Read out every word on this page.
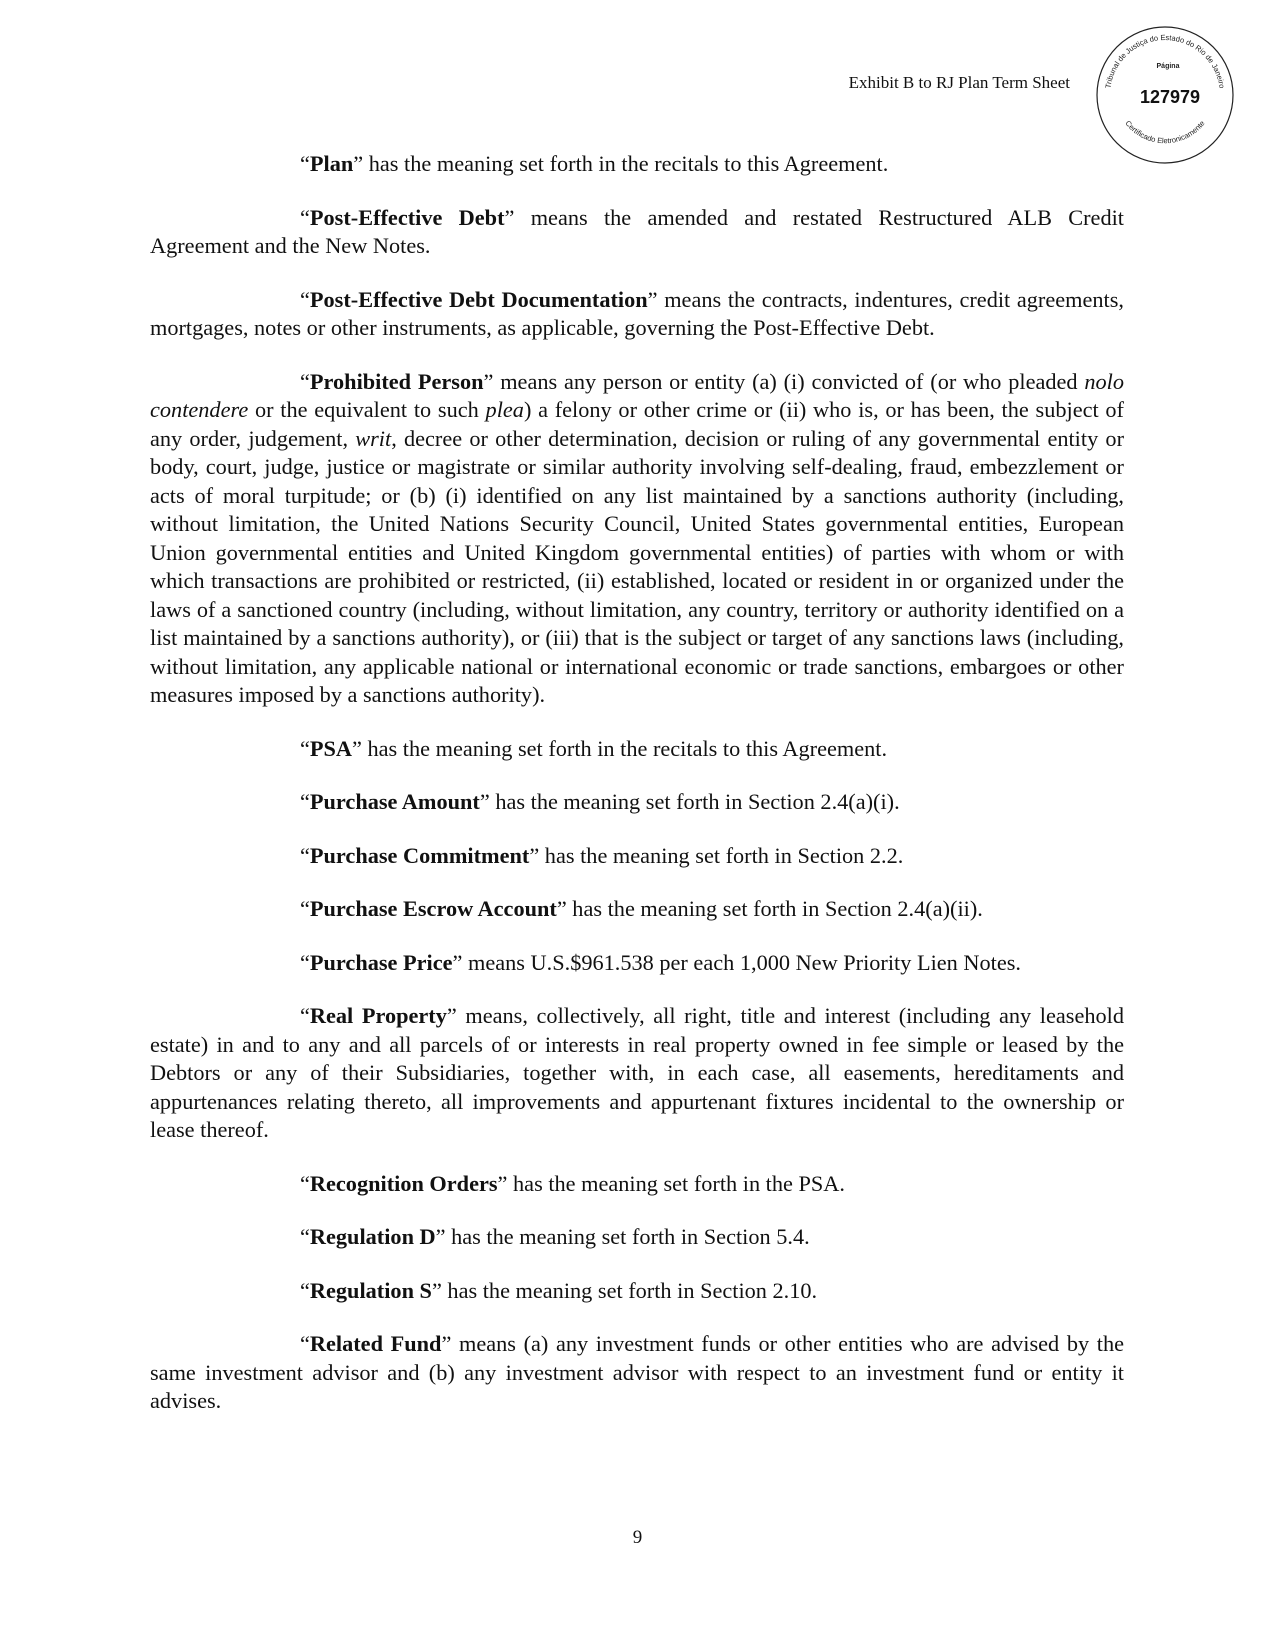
Exhibit B to RJ Plan Term Sheet	Tribunal de Justiça do Estado do Rio de Janeiro
Página
127979
Certificado Eletronicamente

“Plan” has the meaning set forth in the recitals to this Agreement.

“Post-Effective Debt” means the amended and restated Restructured ALB Credit Agreement and the New Notes.

“Post-Effective Debt Documentation” means the contracts, indentures, credit agreements, mortgages, notes or other instruments, as applicable, governing the Post-Effective Debt.

“Prohibited Person” means any person or entity (a) (i) convicted of (or who pleaded nolo contendere or the equivalent to such plea) a felony or other crime or (ii) who is, or has been, the subject of any order, judgement, writ, decree or other determination, decision or ruling of any governmental entity or body, court, judge, justice or magistrate or similar authority involving self-dealing, fraud, embezzlement or acts of moral turpitude; or (b) (i) identified on any list maintained by a sanctions authority (including, without limitation, the United Nations Security Council, United States governmental entities, European Union governmental entities and United Kingdom governmental entities) of parties with whom or with which transactions are prohibited or restricted, (ii) established, located or resident in or organized under the laws of a sanctioned country (including, without limitation, any country, territory or authority identified on a list maintained by a sanctions authority), or (iii) that is the subject or target of any sanctions laws (including, without limitation, any applicable national or international economic or trade sanctions, embargoes or other measures imposed by a sanctions authority).

“PSA” has the meaning set forth in the recitals to this Agreement.

“Purchase Amount” has the meaning set forth in Section 2.4(a)(i).

“Purchase Commitment” has the meaning set forth in Section 2.2.

“Purchase Escrow Account” has the meaning set forth in Section 2.4(a)(ii).

“Purchase Price” means U.S.$961.538 per each 1,000 New Priority Lien Notes.

“Real Property” means, collectively, all right, title and interest (including any leasehold estate) in and to any and all parcels of or interests in real property owned in fee simple or leased by the Debtors or any of their Subsidiaries, together with, in each case, all easements, hereditaments and appurtenances relating thereto, all improvements and appurtenant fixtures incidental to the ownership or lease thereof.

“Recognition Orders” has the meaning set forth in the PSA.

“Regulation D” has the meaning set forth in Section 5.4.

“Regulation S” has the meaning set forth in Section 2.10.

“Related Fund” means (a) any investment funds or other entities who are advised by the same investment advisor and (b) any investment advisor with respect to an investment fund or entity it advises.

9
